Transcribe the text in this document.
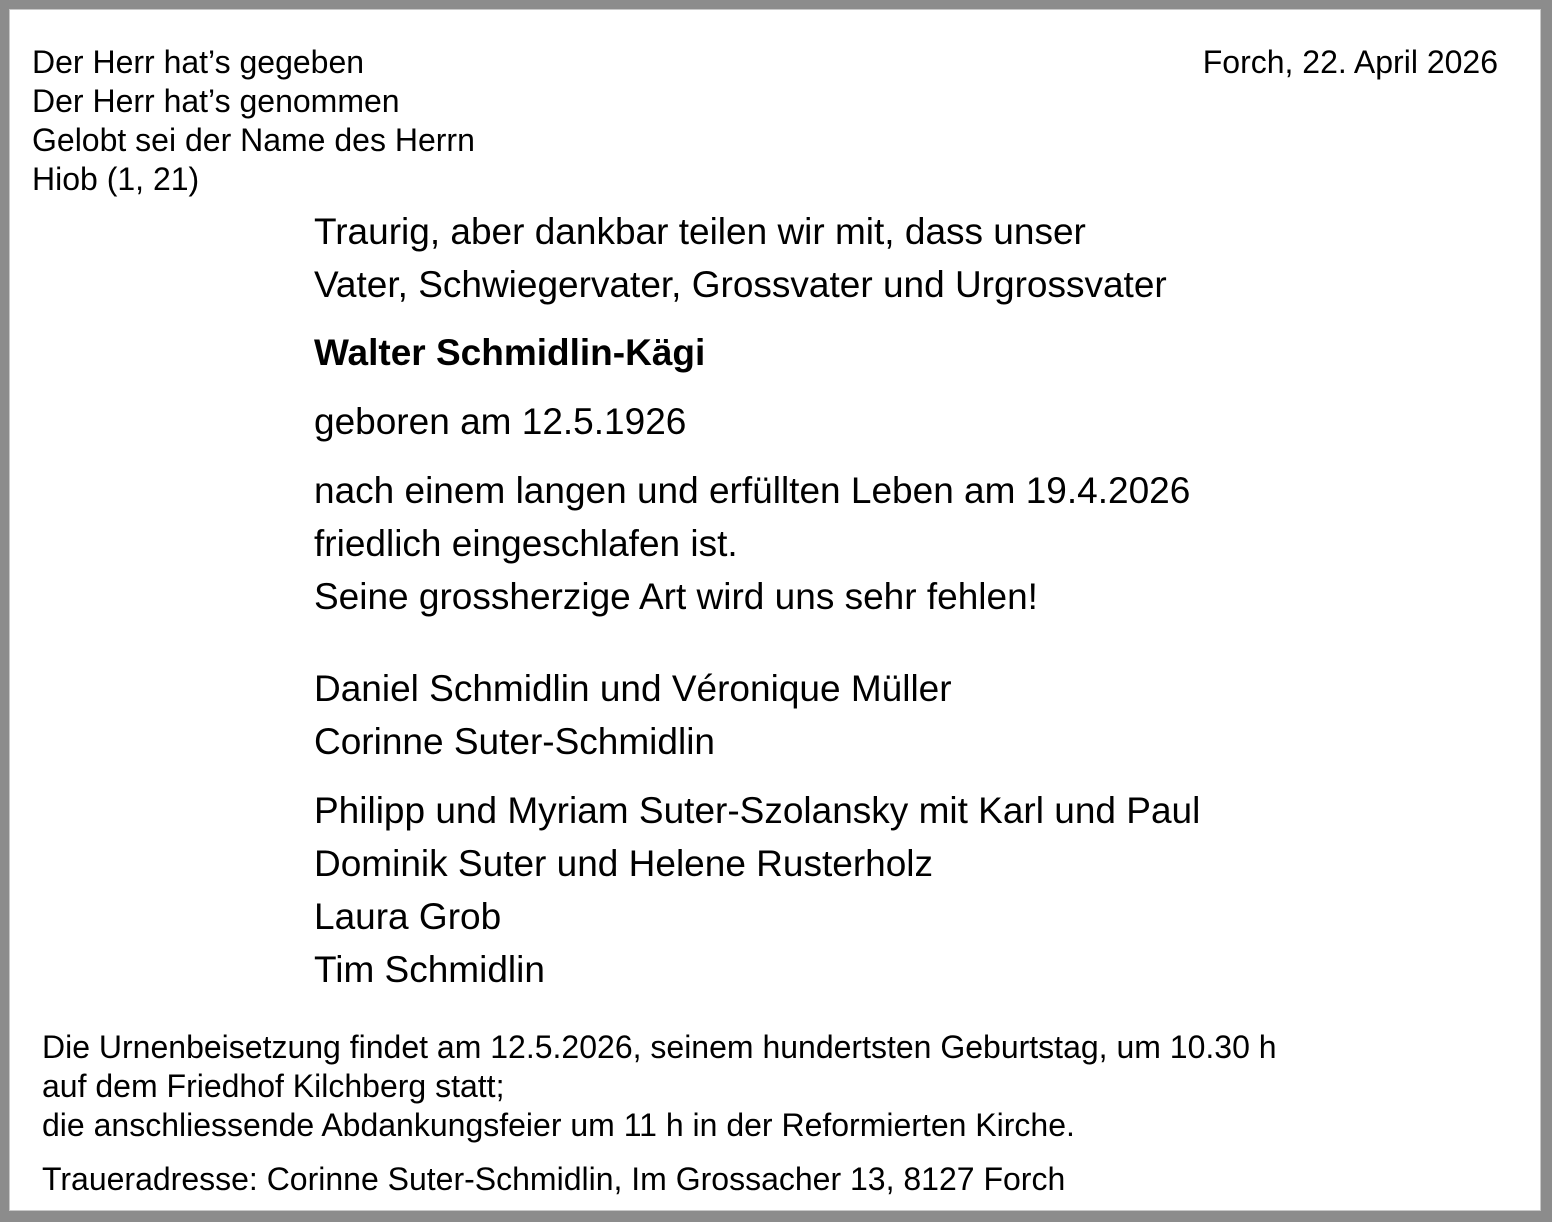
Der Herr hat’s gegeben
Der Herr hat’s genommen
Gelobt sei der Name des Herrn
Hiob (1, 21)
Forch, 22. April 2026
Traurig, aber dankbar teilen wir mit, dass unser
Vater, Schwiegervater, Grossvater und Urgrossvater
Walter Schmidlin-Kägi
geboren am 12.5.1926
nach einem langen und erfüllten Leben am 19.4.2026
friedlich eingeschlafen ist.
Seine grossherzige Art wird uns sehr fehlen!
Daniel Schmidlin und Véronique Müller
Corinne Suter-Schmidlin
Philipp und Myriam Suter-Szolansky mit Karl und Paul
Dominik Suter und Helene Rusterholz
Laura Grob
Tim Schmidlin
Die Urnenbeisetzung findet am 12.5.2026, seinem hundertsten Geburtstag, um 10.30 h
auf dem Friedhof Kilchberg statt;
die anschliessende Abdankungsfeier um 11 h in der Reformierten Kirche.
Traueradresse: Corinne Suter-Schmidlin, Im Grossacher 13, 8127 Forch
